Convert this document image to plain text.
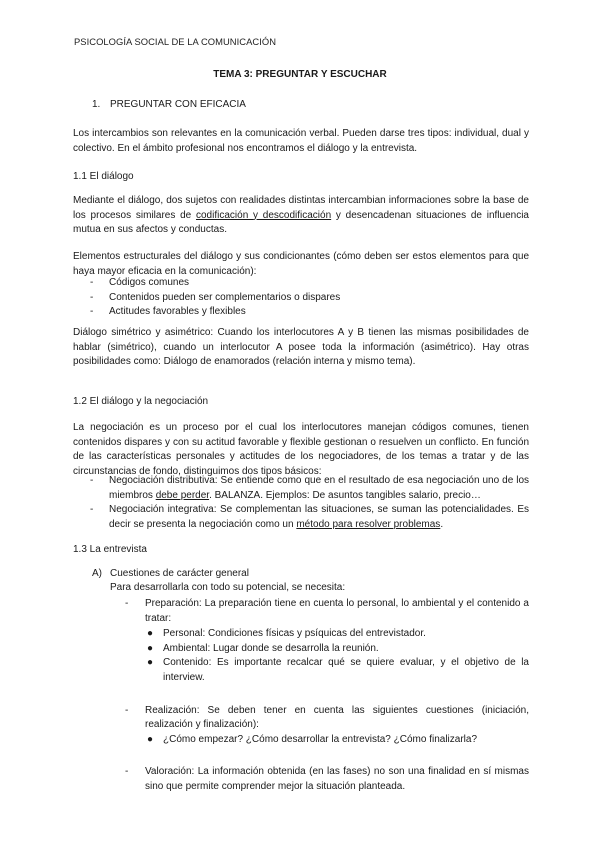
PSICOLOGÍA SOCIAL DE LA COMUNICACIÓN
TEMA 3: PREGUNTAR Y ESCUCHAR
1. PREGUNTAR CON EFICACIA

Los intercambios son relevantes en la comunicación verbal. Pueden darse tres tipos: individual, dual y colectivo. En el ámbito profesional nos encontramos el diálogo y la entrevista.

1.1 El diálogo

Mediante el diálogo, dos sujetos con realidades distintas intercambian informaciones sobre la base de los procesos similares de codificación y descodificación y desencadenan situaciones de influencia mutua en sus afectos y conductas.

Elementos estructurales del diálogo y sus condicionantes (cómo deben ser estos elementos para que haya mayor eficacia en la comunicación):

- Códigos comunes
- Contenidos pueden ser complementarios o dispares
- Actitudes favorables y flexibles

Diálogo simétrico y asimétrico: Cuando los interlocutores A y B tienen las mismas posibilidades de hablar (simétrico), cuando un interlocutor A posee toda la información (asimétrico). Hay otras posibilidades como: Diálogo de enamorados (relación interna y mismo tema).

1.2 El diálogo y la negociación

La negociación es un proceso por el cual los interlocutores manejan códigos comunes, tienen contenidos dispares y con su actitud favorable y flexible gestionan o resuelven un conflicto. En función de las características personales y actitudes de los negociadores, de los temas a tratar y de las circunstancias de fondo, distinguimos dos tipos básicos:

- Negociación distributiva: Se entiende como que en el resultado de esa negociación uno de los miembros debe perder. BALANZA. Ejemplos: De asuntos tangibles salario, precio…
- Negociación integrativa: Se complementan las situaciones, se suman las potencialidades. Es decir se presenta la negociación como un método para resolver problemas.
1.3 La entrevista
A) Cuestiones de carácter general
Para desarrollarla con todo su potencial, se necesita:
- Preparación: La preparación tiene en cuenta lo personal, lo ambiental y el contenido a tratar:
● Personal: Condiciones físicas y psíquicas del entrevistador.
● Ambiental: Lugar donde se desarrolla la reunión.
● Contenido: Es importante recalcar qué se quiere evaluar, y el objetivo de la interview.
- Realización: Se deben tener en cuenta las siguientes cuestiones (iniciación, realización y finalización):
● ¿Cómo empezar? ¿Cómo desarrollar la entrevista? ¿Cómo finalizarla?
- Valoración: La información obtenida (en las fases) no son una finalidad en sí mismas sino que permite comprender mejor la situación planteada.
